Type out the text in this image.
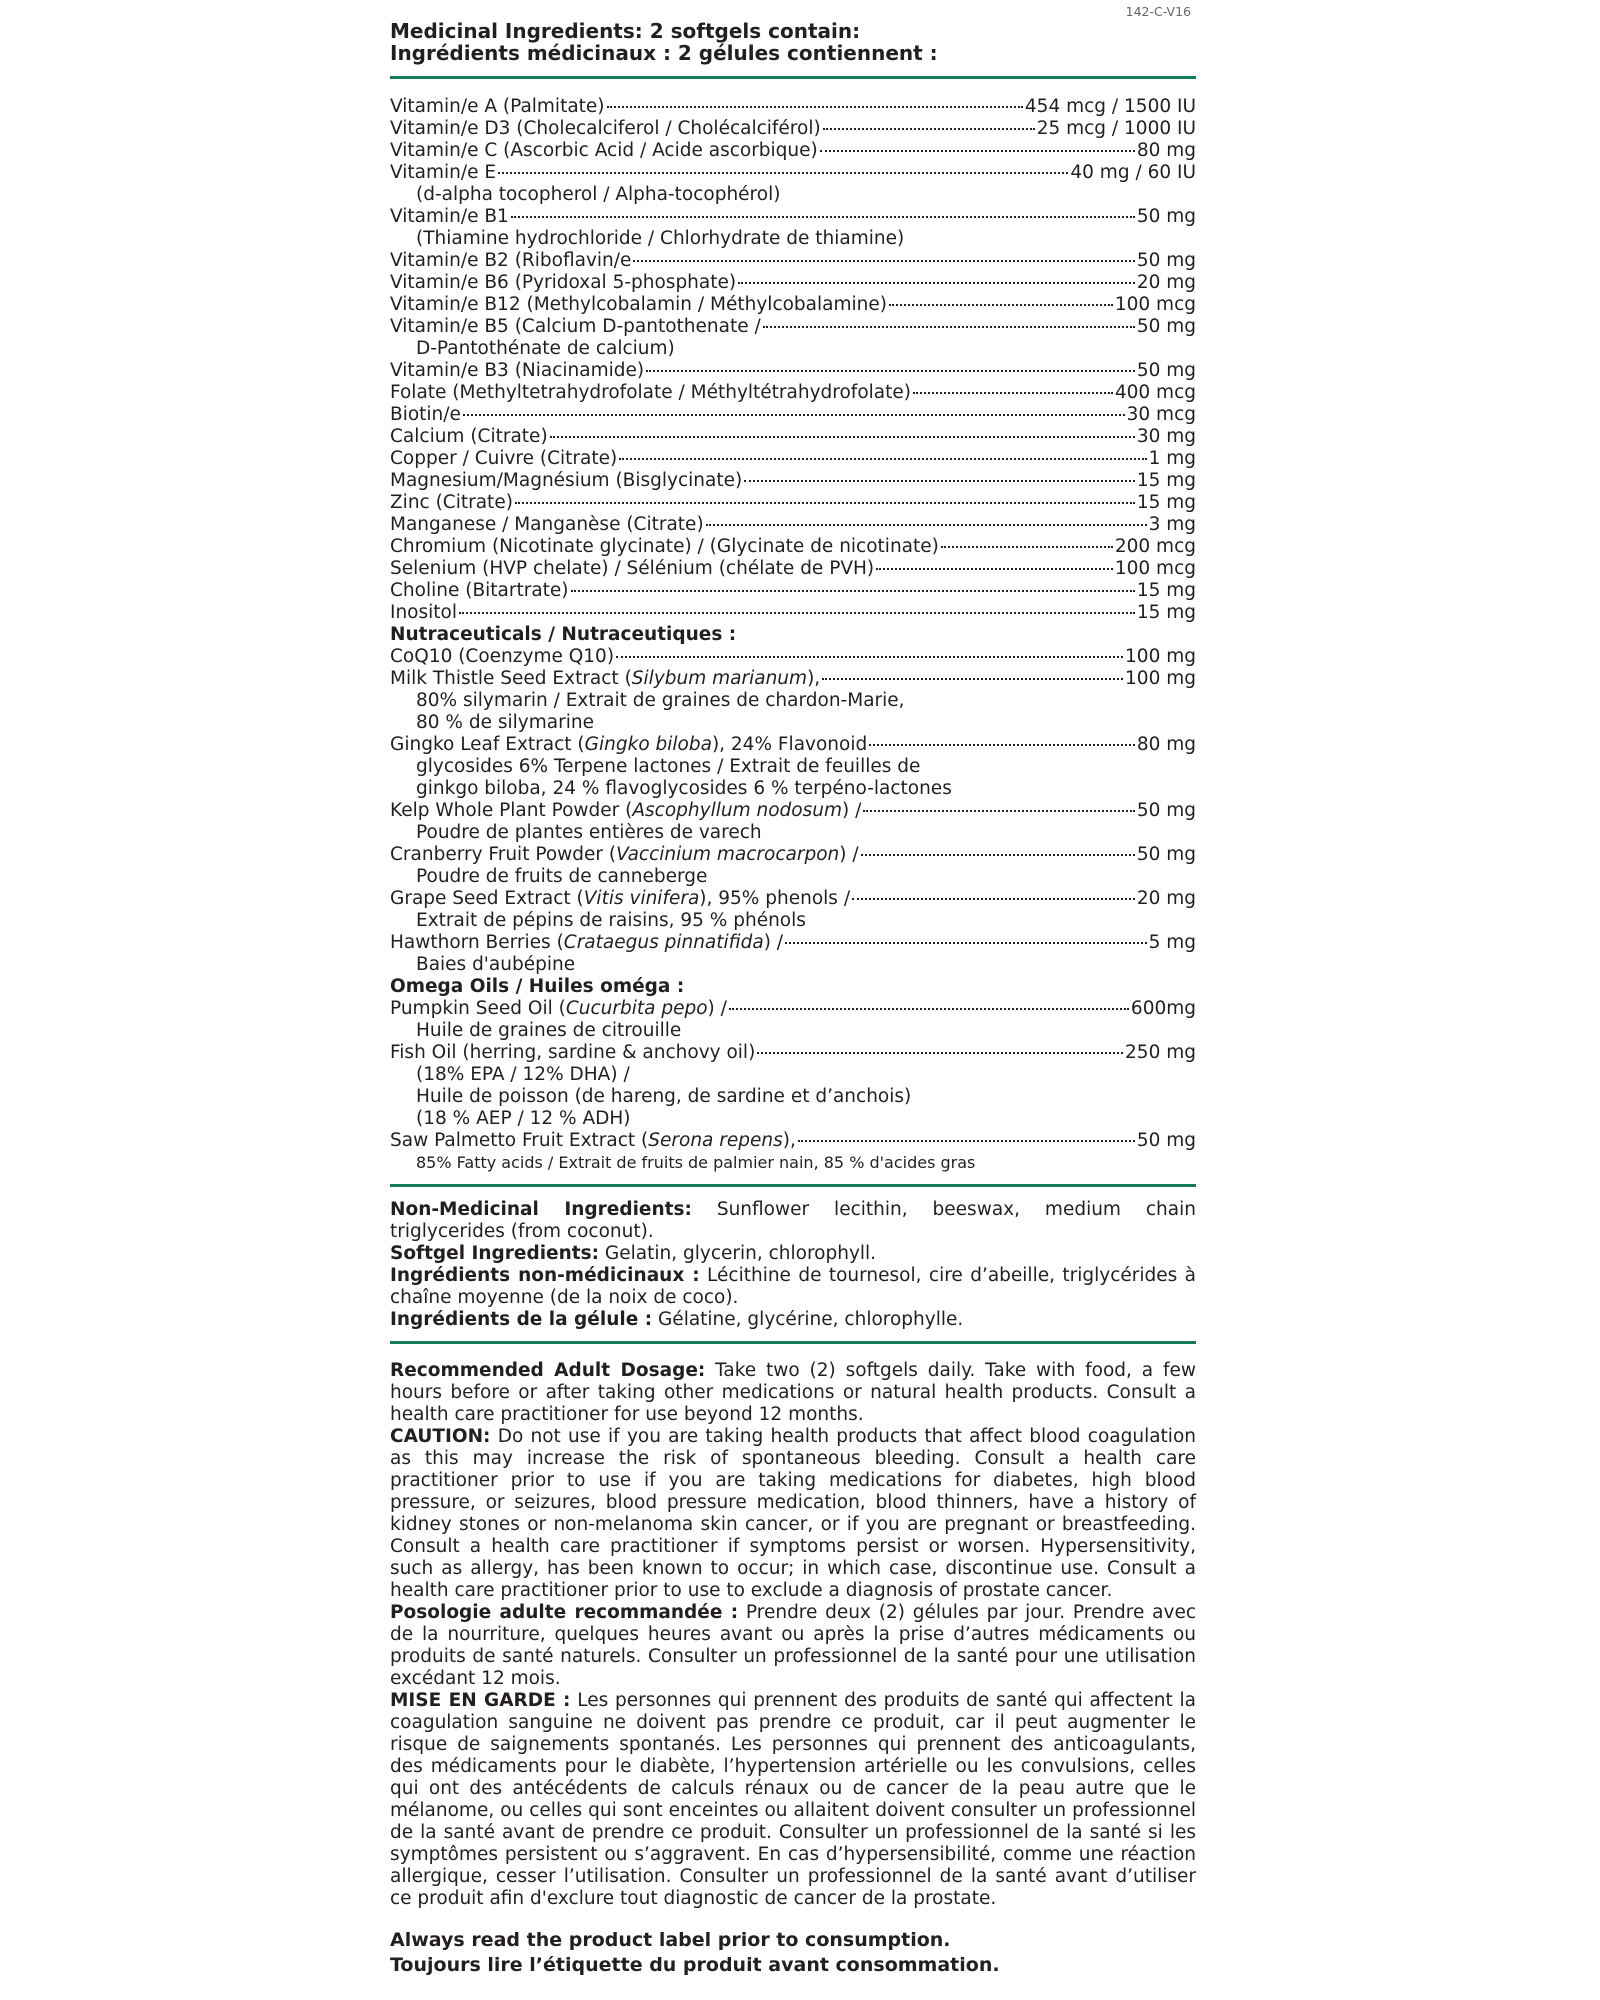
142-C-V16
Medicinal Ingredients: 2 softgels contain:
Ingrédients médicinaux : 2 gélules contiennent :
Vitamin/e A (Palmitate)	454 mcg / 1500 IU
Vitamin/e D3 (Cholecalciferol / Cholécalciférol)	25 mcg / 1000 IU
Vitamin/e C (Ascorbic Acid / Acide ascorbique)	80 mg
Vitamin/e E	40 mg / 60 IU
(d-alpha tocopherol / Alpha-tocophérol)
Vitamin/e B1	50 mg
(Thiamine hydrochloride / Chlorhydrate de thiamine)
Vitamin/e B2 (Riboflavin/e	50 mg
Vitamin/e B6 (Pyridoxal 5-phosphate)	20 mg
Vitamin/e B12 (Methylcobalamin / Méthylcobalamine)	100 mcg
Vitamin/e B5 (Calcium D-pantothenate /	50 mg
D-Pantothénate de calcium)
Vitamin/e B3 (Niacinamide)	50 mg
Folate (Methyltetrahydrofolate / Méthyltétrahydrofolate)	400 mcg
Biotin/e	30 mcg
Calcium (Citrate)	30 mg
Copper / Cuivre (Citrate)	1 mg
Magnesium/Magnésium (Bisglycinate)	15 mg
Zinc (Citrate)	15 mg
Manganese / Manganèse (Citrate)	3 mg
Chromium (Nicotinate glycinate) / (Glycinate de nicotinate)	200 mcg
Selenium (HVP chelate) / Sélénium (chélate de PVH)	100 mcg
Choline (Bitartrate)	15 mg
Inositol	15 mg
Nutraceuticals / Nutraceutiques :
CoQ10 (Coenzyme Q10)	100 mg
Milk Thistle Seed Extract (Silybum marianum),	100 mg
80% silymarin / Extrait de graines de chardon-Marie,
80 % de silymarine
Gingko Leaf Extract (Gingko biloba), 24% Flavonoid	80 mg
glycosides 6% Terpene lactones / Extrait de feuilles de
ginkgo biloba, 24 % flavoglycosides 6 % terpéno-lactones
Kelp Whole Plant Powder (Ascophyllum nodosum) /	50 mg
Poudre de plantes entières de varech
Cranberry Fruit Powder (Vaccinium macrocarpon) /	50 mg
Poudre de fruits de canneberge
Grape Seed Extract (Vitis vinifera), 95% phenols /	20 mg
Extrait de pépins de raisins, 95 % phénols
Hawthorn Berries (Crataegus pinnatifida) /	5 mg
Baies d'aubépine
Omega Oils / Huiles oméga :
Pumpkin Seed Oil (Cucurbita pepo) /	600mg
Huile de graines de citrouille
Fish Oil (herring, sardine & anchovy oil)	250 mg
(18% EPA / 12% DHA) /
Huile de poisson (de hareng, de sardine et d’anchois)
(18 % AEP / 12 % ADH)
Saw Palmetto Fruit Extract (Serona repens),	50 mg
85% Fatty acids / Extrait de fruits de palmier nain, 85 % d'acides gras
Non-Medicinal Ingredients: Sunflower lecithin, beeswax, medium chain triglycerides (from coconut).
Softgel Ingredients: Gelatin, glycerin, chlorophyll.
Ingrédients non-médicinaux : Lécithine de tournesol, cire d’abeille, triglycérides à chaîne moyenne (de la noix de coco).
Ingrédients de la gélule : Gélatine, glycérine, chlorophylle.
Recommended Adult Dosage: Take two (2) softgels daily. Take with food, a few hours before or after taking other medications or natural health products. Consult a health care practitioner for use beyond 12 months.
CAUTION: Do not use if you are taking health products that affect blood coagulation as this may increase the risk of spontaneous bleeding. Consult a health care practitioner prior to use if you are taking medications for diabetes, high blood pressure, or seizures, blood pressure medication, blood thinners, have a history of kidney stones or non-melanoma skin cancer, or if you are pregnant or breastfeeding. Consult a health care practitioner if symptoms persist or worsen. Hypersensitivity, such as allergy, has been known to occur; in which case, discontinue use. Consult a health care practitioner prior to use to exclude a diagnosis of prostate cancer.
Posologie adulte recommandée : Prendre deux (2) gélules par jour. Prendre avec de la nourriture, quelques heures avant ou après la prise d’autres médicaments ou produits de santé naturels. Consulter un professionnel de la santé pour une utilisation excédant 12 mois.
MISE EN GARDE : Les personnes qui prennent des produits de santé qui affectent la coagulation sanguine ne doivent pas prendre ce produit, car il peut augmenter le risque de saignements spontanés. Les personnes qui prennent des anticoagulants, des médicaments pour le diabète, l’hypertension artérielle ou les convulsions, celles qui ont des antécédents de calculs rénaux ou de cancer de la peau autre que le mélanome, ou celles qui sont enceintes ou allaitent doivent consulter un professionnel de la santé avant de prendre ce produit. Consulter un professionnel de la santé si les symptômes persistent ou s’aggravent. En cas d’hypersensibilité, comme une réaction allergique, cesser l’utilisation. Consulter un professionnel de la santé avant d’utiliser ce produit afin d'exclure tout diagnostic de cancer de la prostate.
Always read the product label prior to consumption.
Toujours lire l’étiquette du produit avant consommation.
